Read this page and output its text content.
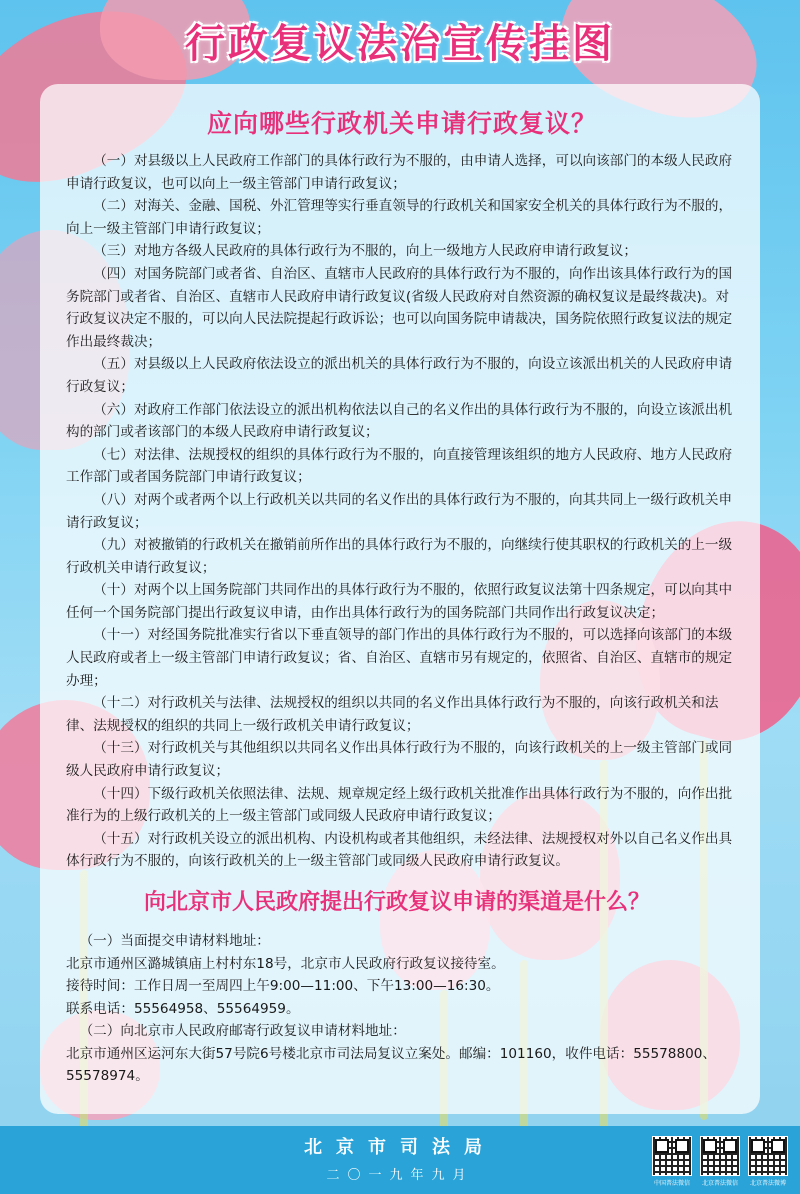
行政复议法治宣传挂图
应向哪些行政机关申请行政复议？

（一）对县级以上人民政府工作部门的具体行政行为不服的，由申请人选择，可以向该部门的本级人民政府申请行政复议，也可以向上一级主管部门申请行政复议；

（二）对海关、金融、国税、外汇管理等实行垂直领导的行政机关和国家安全机关的具体行政行为不服的，向上一级主管部门申请行政复议；

（三）对地方各级人民政府的具体行政行为不服的，向上一级地方人民政府申请行政复议；

（四）对国务院部门或者省、自治区、直辖市人民政府的具体行政行为不服的，向作出该具体行政行为的国务院部门或者省、自治区、直辖市人民政府申请行政复议(省级人民政府对自然资源的确权复议是最终裁决)。对行政复议决定不服的，可以向人民法院提起行政诉讼；也可以向国务院申请裁决，国务院依照行政复议法的规定作出最终裁决；

（五）对县级以上人民政府依法设立的派出机关的具体行政行为不服的，向设立该派出机关的人民政府申请行政复议；

（六）对政府工作部门依法设立的派出机构依法以自己的名义作出的具体行政行为不服的，向设立该派出机构的部门或者该部门的本级人民政府申请行政复议；

（七）对法律、法规授权的组织的具体行政行为不服的，向直接管理该组织的地方人民政府、地方人民政府工作部门或者国务院部门申请行政复议；

（八）对两个或者两个以上行政机关以共同的名义作出的具体行政行为不服的，向其共同上一级行政机关申请行政复议；

（九）对被撤销的行政机关在撤销前所作出的具体行政行为不服的，向继续行使其职权的行政机关的上一级行政机关申请行政复议；

（十）对两个以上国务院部门共同作出的具体行政行为不服的，依照行政复议法第十四条规定，可以向其中任何一个国务院部门提出行政复议申请，由作出具体行政行为的国务院部门共同作出行政复议决定；

（十一）对经国务院批准实行省以下垂直领导的部门作出的具体行政行为不服的，可以选择向该部门的本级人民政府或者上一级主管部门申请行政复议；省、自治区、直辖市另有规定的，依照省、自治区、直辖市的规定办理；

（十二）对行政机关与法律、法规授权的组织以共同的名义作出具体行政行为不服的，向该行政机关和法律、法规授权的组织的共同上一级行政机关申请行政复议；

（十三）对行政机关与其他组织以共同名义作出具体行政行为不服的，向该行政机关的上一级主管部门或同级人民政府申请行政复议；

（十四）下级行政机关依照法律、法规、规章规定经上级行政机关批准作出具体行政行为不服的，向作出批准行为的上级行政机关的上一级主管部门或同级人民政府申请行政复议；

（十五）对行政机关设立的派出机构、内设机构或者其他组织，未经法律、法规授权对外以自己名义作出具体行政行为不服的，向该行政机关的上一级主管部门或同级人民政府申请行政复议。

向北京市人民政府提出行政复议申请的渠道是什么？

（一）当面提交申请材料地址：

北京市通州区潞城镇庙上村村东18号，北京市人民政府行政复议接待室。

接待时间：工作日周一至周四上午9:00—11:00、下午13:00—16:30。

联系电话：55564958、55564959。

（二）向北京市人民政府邮寄行政复议申请材料地址：

北京市通州区运河东大街57号院6号楼北京市司法局复议立案处。邮编：101160，收件电话：55578800、55578974。

北京市司法局
二〇一九年九月
中国普法微信	北京普法微信	北京普法微博
